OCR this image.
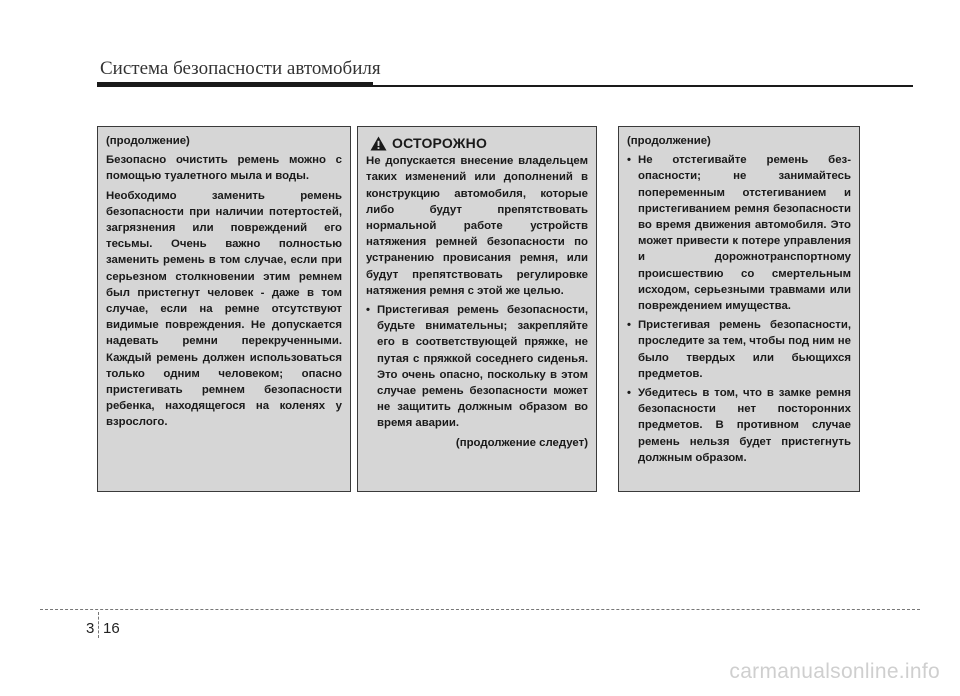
Система безопасности автомобиля
(продолжение)

Безопасно очистить ремень можно с помощью туалетного мыла и воды.

Необходимо заменить ремень безопасности при наличии потертостей, загрязнения или повреждений его тесьмы. Очень важно полностью заменить ремень в том случае, если при серьезном столкновении этим ремнем был пристегнут человек - даже в том случае, если на ремне отсутствуют видимые повреждения. Не допускается надевать ремни перекрученными. Каждый ремень должен использоваться только одним человеком; опасно пристегивать ремнем безопасности ребенка, находящегося на коленях у взрослого.

ОСТОРОЖНО

Не допускается внесение владельцем таких изменений или дополнений в конструкцию автомобиля, которые либо будут препятствовать нормальной работе устройств натяжения ремней безопасности по устранению провисания ремня, или будут препятствовать регулировке натяжения ремня с этой же целью.

• Пристегивая ремень безопасности, будьте внимательны; закрепляйте его в соответствующей пряжке, не путая с пряжкой соседнего сиденья. Это очень опасно, поскольку в этом случае ремень безопасности может не защитить должным образом во время аварии.
(продолжение следует)
(продолжение)
• Не отстегивайте ремень безопасности; не занимайтесь попеременным отстегиванием и пристегиванием ремня безопасности во время движения автомобиля. Это может привести к потере управления и дорожнотранспортному происшествию со смертельным исходом, серьезными травмами или повреждением имущества.
• Пристегивая ремень безопасности, проследите за тем, чтобы под ним не было твердых или бьющихся предметов.
• Убедитесь в том, что в замке ремня безопасности нет посторонних предметов. В противном случае ремень нельзя будет пристегнуть должным образом.
3 16
carmanualsonline.info
